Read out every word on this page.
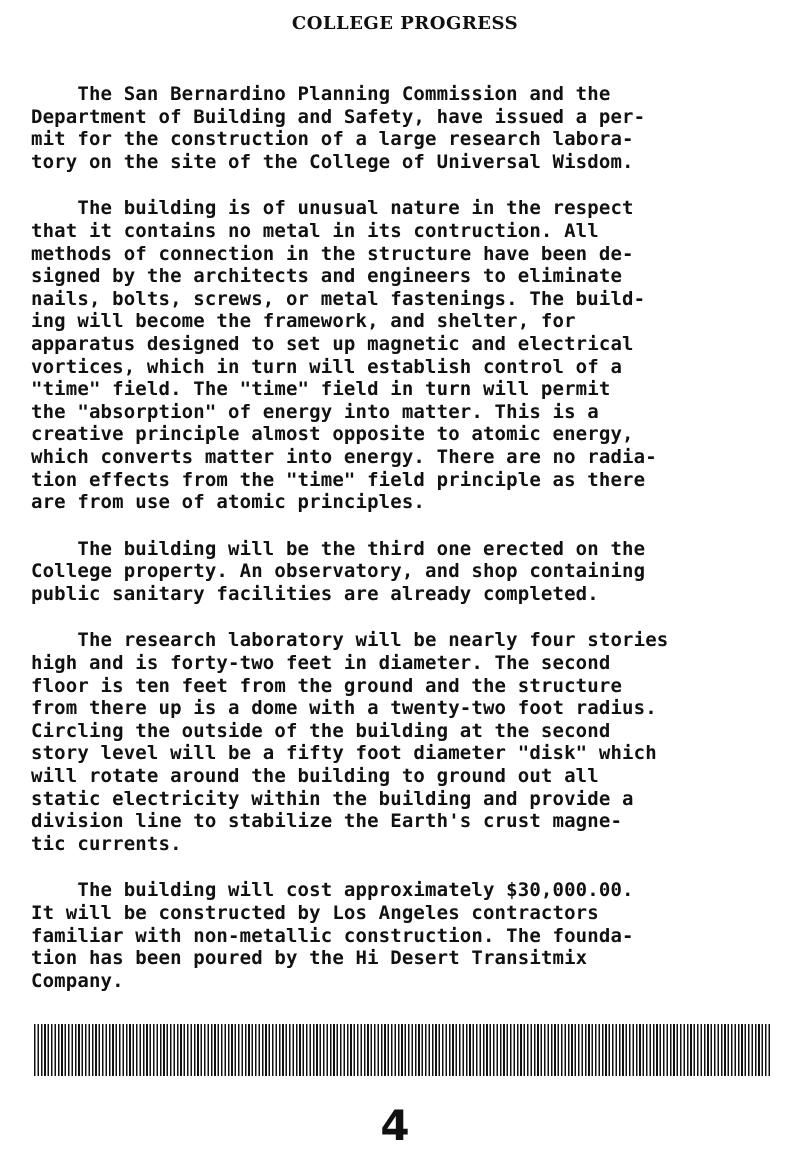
COLLEGE PROGRESS
The San Bernardino Planning Commission and the
Department of Building and Safety, have issued a per-
mit for the construction of a large research labora-
tory on the site of the College of Universal Wisdom.
The building is of unusual nature in the respect
that it contains no metal in its contruction. All
methods of connection in the structure have been de-
signed by the architects and engineers to eliminate
nails, bolts, screws, or metal fastenings. The build-
ing will become the framework, and shelter, for
apparatus designed to set up magnetic and electrical
vortices, which in turn will establish control of a
"time" field. The "time" field in turn will permit
the "absorption" of energy into matter. This is a
creative principle almost opposite to atomic energy,
which converts matter into energy. There are no radia-
tion effects from the "time" field principle as there
are from use of atomic principles.
The building will be the third one erected on the
College property. An observatory, and shop containing
public sanitary facilities are already completed.
The research laboratory will be nearly four stories
high and is forty-two feet in diameter. The second
floor is ten feet from the ground and the structure
from there up is a dome with a twenty-two foot radius.
Circling the outside of the building at the second
story level will be a fifty foot diameter "disk" which
will rotate around the building to ground out all
static electricity within the building and provide a
division line to stabilize the Earth's crust magne-
tic currents.
The building will cost approximately $30,000.00.
It will be constructed by Los Angeles contractors
familiar with non-metallic construction. The founda-
tion has been poured by the Hi Desert Transitmix
Company.
4
